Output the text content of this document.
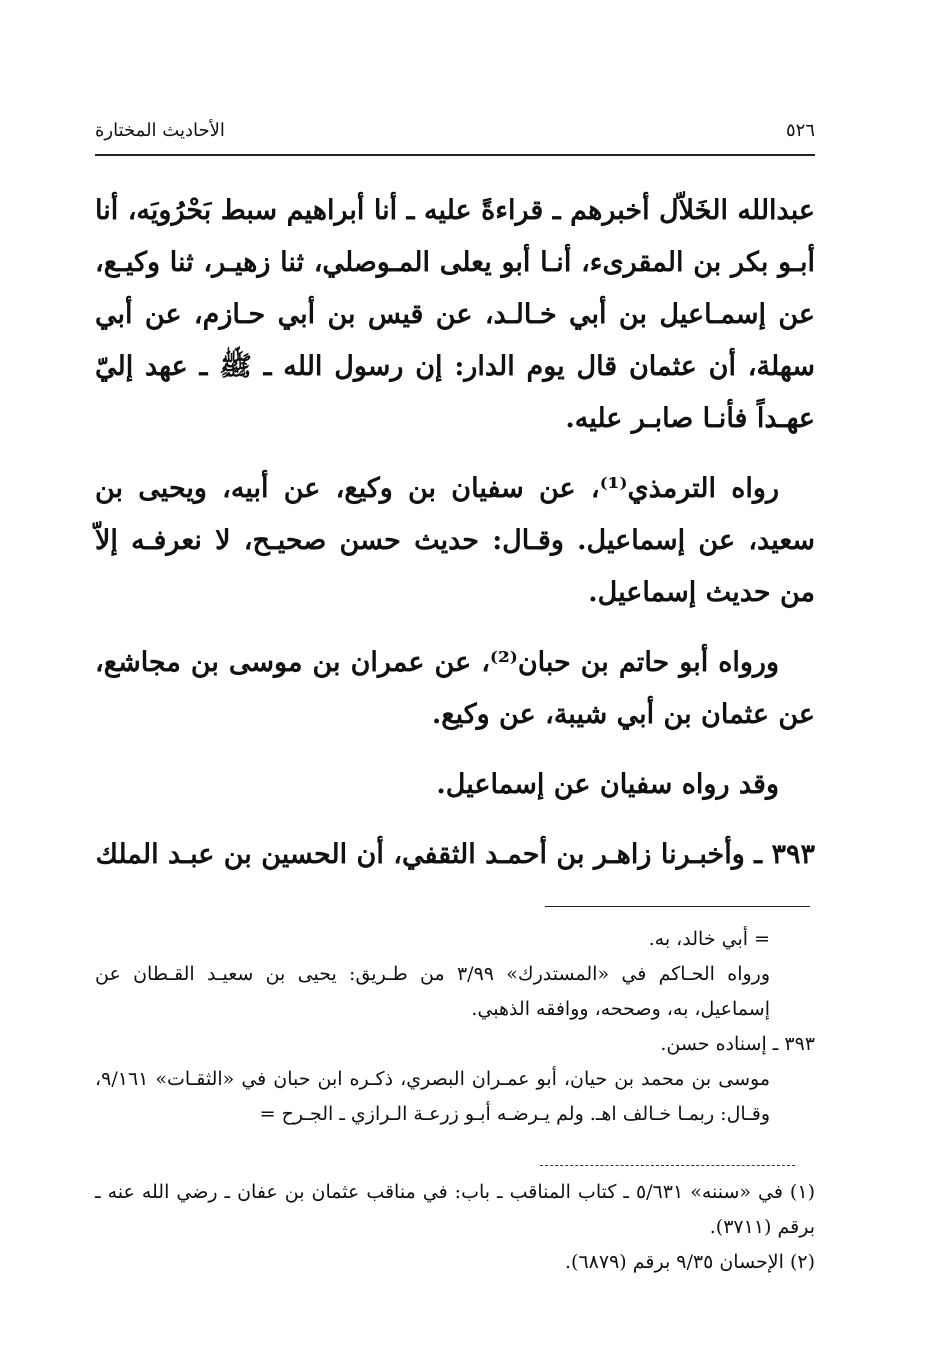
الأحاديث المختارة	٥٢٦

عبدالله الخَلاّل أخبرهم ـ قراءةً عليه ـ أنا أبراهيم سبط بَحْرُويَه، أنا أبـو بكر بن المقرىء، أنـا أبو يعلى المـوصلي، ثنا زهيـر، ثنا وكيـع، عن إسمـاعيل بن أبي خـالـد، عن قيس بن أبي حـازم، عن أبي سهلة، أن عثمان قال يوم الدار: إن رسول الله ـ ﷺ ـ عهد إليّ عهـداً فأنـا صابـر عليه.

رواه الترمذي⁽¹⁾، عن سفيان بن وكيع، عن أبيه، ويحيى بن سعيد، عن إسماعيل. وقـال: حديث حسن صحيـح، لا نعرفـه إلاّ من حديث إسماعيل.

ورواه أبو حاتم بن حبان⁽²⁾، عن عمران بن موسى بن مجاشع، عن عثمان بن أبي شيبة، عن وكيع.

وقد رواه سفيان عن إسماعيل.

٣٩٣ ـ وأخبـرنا زاهـر بن أحمـد الثقفي، أن الحسين بن عبـد الملك

= أبي خالد، به.

ورواه الحـاكم في «المستدرك» ٣/٩٩ من طـريق: يحيى بن سعيـد القـطان عن إسماعيل، به، وصححه، ووافقه الذهبي.

٣٩٣ ـ إسناده حسن.

موسى بن محمد بن حيان، أبو عمـران البصري، ذكـره ابن حبان في «الثقـات» ٩/١٦١، وقـال: ربمـا خـالف اهـ. ولم يـرضـه أبـو زرعـة الـرازي ـ الجـرح =

(١) في «سننه» ٥/٦٣١ ـ كتاب المناقب ـ باب: في مناقب عثمان بن عفان ـ رضي الله عنه ـ برقم (٣٧١١).

(٢) الإحسان ٩/٣٥ برقم (٦٨٧٩).
